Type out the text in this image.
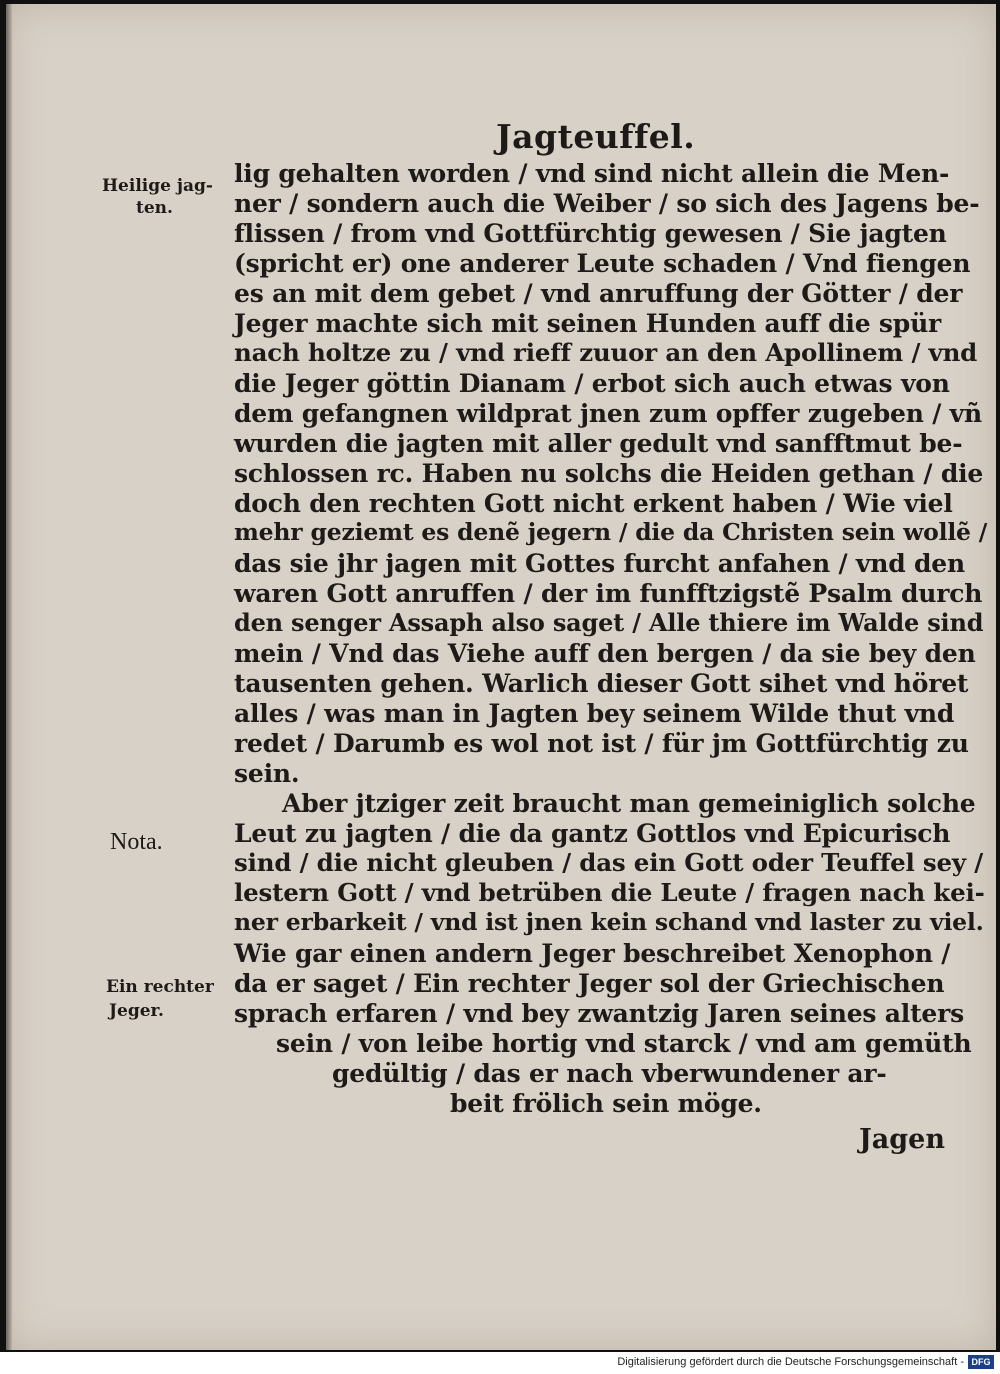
Jagteuffel.
Heilige jag-
ten.
Nota.
Ein rechter
Jeger.
lig gehalten worden / vnd sind nicht allein die Men-
ner / sondern auch die Weiber / so sich des Jagens be-
flissen / from vnd Gottfürchtig gewesen / Sie jagten
(spricht er) one anderer Leute schaden / Vnd fiengen
es an mit dem gebet / vnd anruffung der Götter / der
Jeger machte sich mit seinen Hunden auff die spür
nach holtze zu / vnd rieff zuuor an den Apollinem / vnd
die Jeger göttin Dianam / erbot sich auch etwas von
dem gefangnen wildprat jnen zum opffer zugeben / vñ
wurden die jagten mit aller gedult vnd sanfftmut be-
schlossen rc. Haben nu solchs die Heiden gethan / die
doch den rechten Gott nicht erkent haben / Wie viel
mehr geziemt es denẽ jegern / die da Christen sein wollẽ /
das sie jhr jagen mit Gottes furcht anfahen / vnd den
waren Gott anruffen / der im funfftzigstẽ Psalm durch
den senger Assaph also saget / Alle thiere im Walde sind
mein / Vnd das Viehe auff den bergen / da sie bey den
tausenten gehen. Warlich dieser Gott sihet vnd höret
alles / was man in Jagten bey seinem Wilde thut vnd
redet / Darumb es wol not ist / für jm Gottfürchtig zu
sein.
Aber jtziger zeit braucht man gemeiniglich solche
Leut zu jagten / die da gantz Gottlos vnd Epicurisch
sind / die nicht gleuben / das ein Gott oder Teuffel sey /
lestern Gott / vnd betrüben die Leute / fragen nach kei-
ner erbarkeit / vnd ist jnen kein schand vnd laster zu viel.
Wie gar einen andern Jeger beschreibet Xenophon /
da er saget / Ein rechter Jeger sol der Griechischen
sprach erfaren / vnd bey zwantzig Jaren seines alters
sein / von leibe hortig vnd starck / vnd am gemüth
gedültig / das er nach vberwundener ar-
beit frölich sein möge.
Jagen
Digitalisierung gefördert durch die Deutsche Forschungsgemeinschaft - DFG
